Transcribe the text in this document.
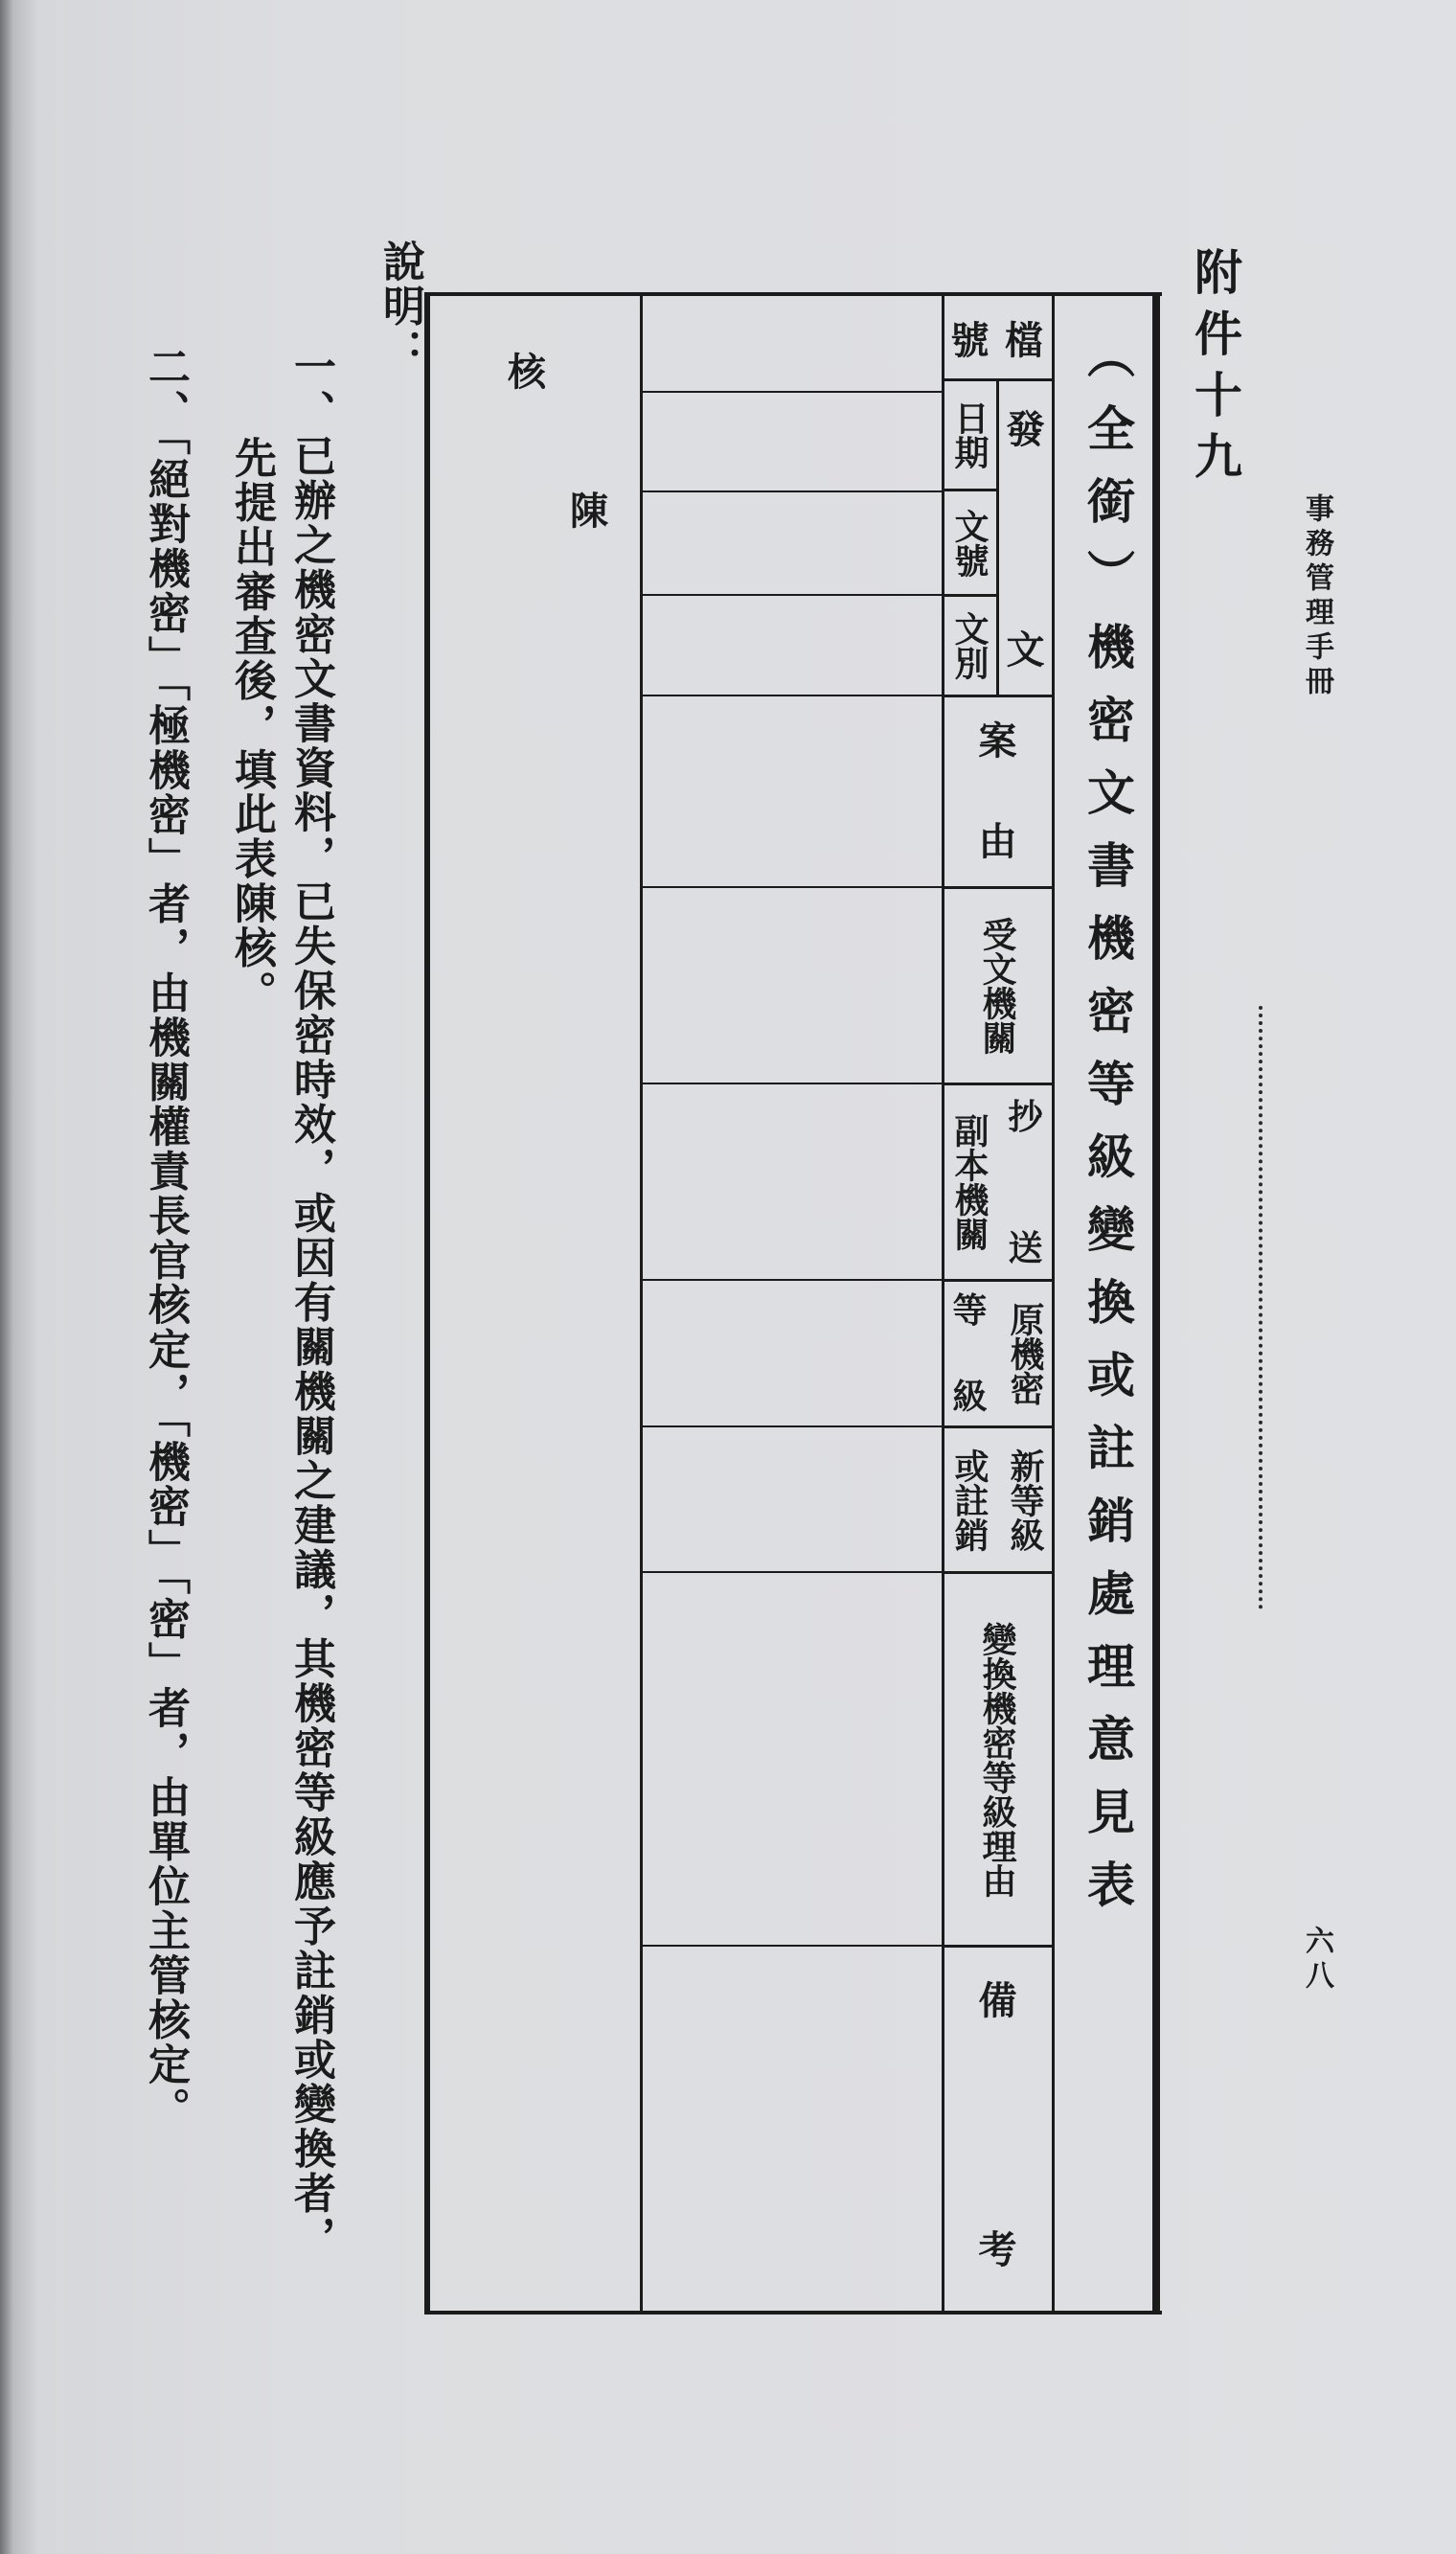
事務管理手冊
六八
附件十九
（全銜）機密文書機密等級變換或註銷處理意見表
檔
號
發
文
日期
文號
文別
案
由
受文機關
抄
送
副本機關
原機密
等
級
新等級
或註銷
變換機密等級理由
備
考
核
陳
說明：
一、已辦之機密文書資料，已失保密時效，或因有關機關之建議，其機密等級應予註銷或變換者，
先提出審查後，填此表陳核。
二、「絕對機密」「極機密」者，由機關權責長官核定，「機密」「密」者，由單位主管核定。
